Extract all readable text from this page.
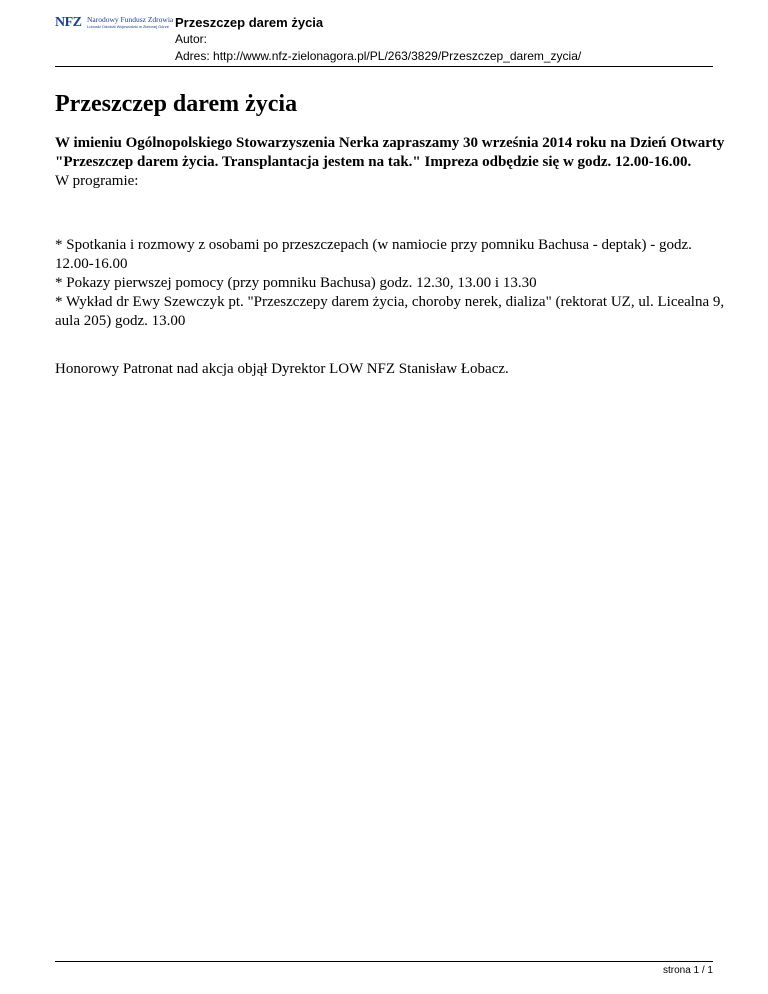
NFZ Narodowy Fundusz Zdrowia
Lubuski Oddział Wojewódzki w Zielonej Górze Przeszczep darem życia
Autor:
Adres: http://www.nfz-zielonagora.pl/PL/263/3829/Przeszczep_darem_zycia/
Przeszczep darem życia

W imieniu Ogólnopolskiego Stowarzyszenia Nerka zapraszamy 30 września 2014 roku na Dzień Otwarty "Przeszczep darem życia. Transplantacja jestem na tak." Impreza odbędzie się w godz. 12.00-16.00.

W programie:

* Spotkania i rozmowy z osobami po przeszczepach (w namiocie przy pomniku Bachusa - deptak) - godz. 12.00-16.00

* Pokazy pierwszej pomocy (przy pomniku Bachusa) godz. 12.30, 13.00 i 13.30

* Wykład dr Ewy Szewczyk pt. "Przeszczepy darem życia, choroby nerek, dializa" (rektorat UZ, ul. Licealna 9, aula 205) godz. 13.00

Honorowy Patronat nad akcja objął Dyrektor LOW NFZ Stanisław Łobacz.

strona 1 / 1
